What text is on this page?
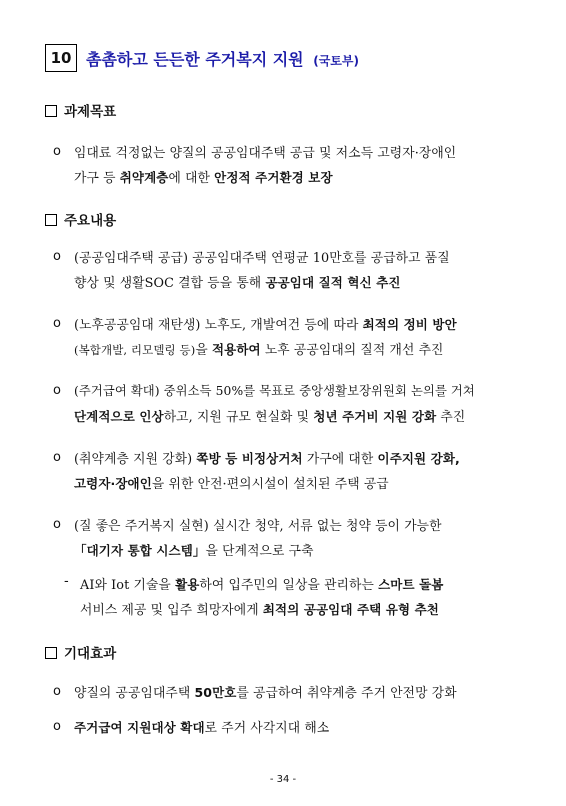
10 촘촘하고 든든한 주거복지 지원 (국토부)
과제목표
o 임대료 걱정없는 양질의 공공임대주택 공급 및 저소득 고령자·장애인
가구 등 취약계층에 대한 안정적 주거환경 보장
주요내용
o (공공임대주택 공급) 공공임대주택 연평균 10만호를 공급하고 품질
향상 및 생활SOC 결합 등을 통해 공공임대 질적 혁신 추진
o (노후공공임대 재탄생) 노후도, 개발여건 등에 따라 최적의 정비 방안
(복합개발, 리모델링 등)을 적용하여 노후 공공임대의 질적 개선 추진
o (주거급여 확대) 중위소득 50%를 목표로 중앙생활보장위원회 논의를 거쳐
단계적으로 인상하고, 지원 규모 현실화 및 청년 주거비 지원 강화 추진
o (취약계층 지원 강화) 쪽방 등 비정상거처 가구에 대한 이주지원 강화,
고령자·장애인을 위한 안전·편의시설이 설치된 주택 공급
o (질 좋은 주거복지 실현) 실시간 청약, 서류 없는 청약 등이 가능한
「대기자 통합 시스템」을 단계적으로 구축
- AI와 Iot 기술을 활용하여 입주민의 일상을 관리하는 스마트 돌봄
서비스 제공 및 입주 희망자에게 최적의 공공임대 주택 유형 추천
기대효과
o 양질의 공공임대주택 50만호를 공급하여 취약계층 주거 안전망 강화
o 주거급여 지원대상 확대로 주거 사각지대 해소
- 34 -
